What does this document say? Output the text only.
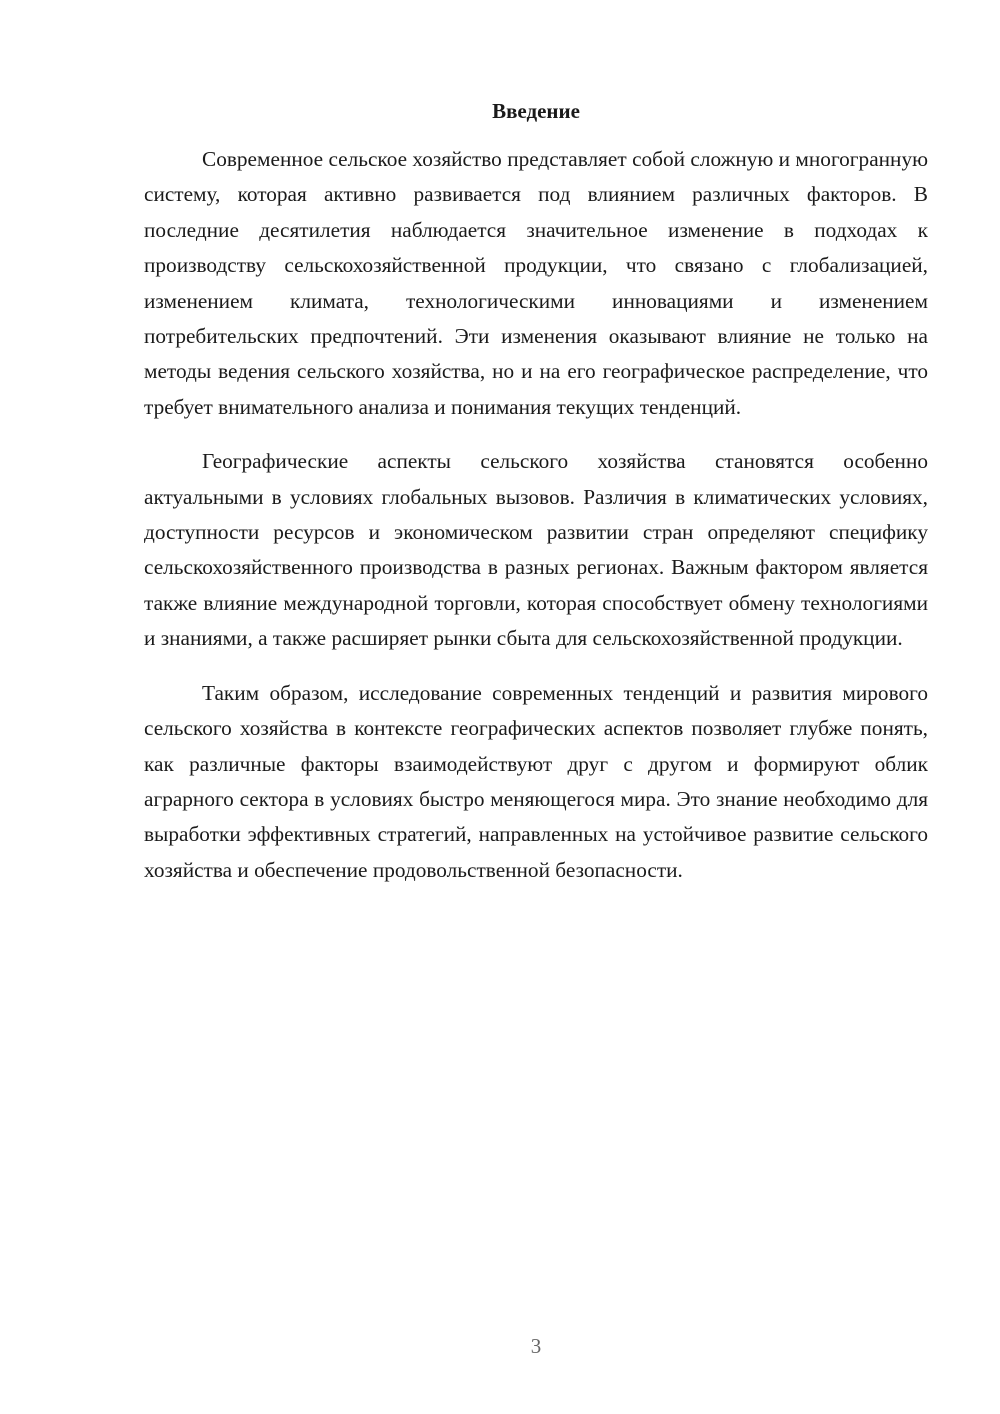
Введение

Современное сельское хозяйство представляет собой сложную и многогранную систему, которая активно развивается под влиянием различных факторов. В последние десятилетия наблюдается значительное изменение в подходах к производству сельскохозяйственной продукции, что связано с глобализацией, изменением климата, технологическими инновациями и изменением потребительских предпочтений. Эти изменения оказывают влияние не только на методы ведения сельского хозяйства, но и на его географическое распределение, что требует внимательного анализа и понимания текущих тенденций.

Географические аспекты сельского хозяйства становятся особенно актуальными в условиях глобальных вызовов. Различия в климатических условиях, доступности ресурсов и экономическом развитии стран определяют специфику сельскохозяйственного производства в разных регионах. Важным фактором является также влияние международной торговли, которая способствует обмену технологиями и знаниями, а также расширяет рынки сбыта для сельскохозяйственной продукции.

Таким образом, исследование современных тенденций и развития мирового сельского хозяйства в контексте географических аспектов позволяет глубже понять, как различные факторы взаимодействуют друг с другом и формируют облик аграрного сектора в условиях быстро меняющегося мира. Это знание необходимо для выработки эффективных стратегий, направленных на устойчивое развитие сельского хозяйства и обеспечение продовольственной безопасности.

3
